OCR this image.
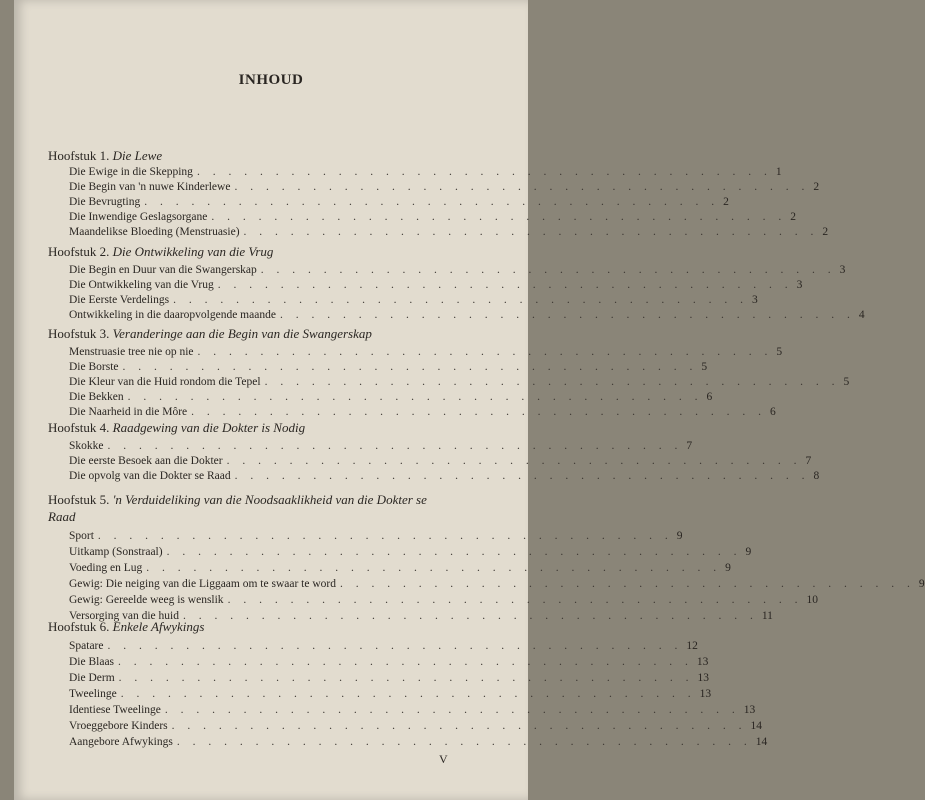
INHOUD
Hoofstuk 1. Die Lewe
Die Ewige in die Skepping . . . . . . . . . . . . . . . . . . . . . . . . . . . . . . . . . . . . . 1
Die Begin van 'n nuwe Kinderlewe . . . . . . . . . . . . . . . . . . . . . . . . . . . . . . . . . . . . . 2
Die Bevrugting . . . . . . . . . . . . . . . . . . . . . . . . . . . . . . . . . . . . . 2
Die Inwendige Geslagsorgane . . . . . . . . . . . . . . . . . . . . . . . . . . . . . . . . . . . . . 2
Maandelikse Bloeding (Menstruasie) . . . . . . . . . . . . . . . . . . . . . . . . . . . . . . . . . . . . . 2
Hoofstuk 2. Die Ontwikkeling van die Vrug
Die Begin en Duur van die Swangerskap . . . . . . . . . . . . . . . . . . . . . . . . . . . . . . . . . . . . . 3
Die Ontwikkeling van die Vrug . . . . . . . . . . . . . . . . . . . . . . . . . . . . . . . . . . . . . 3
Die Eerste Verdelings . . . . . . . . . . . . . . . . . . . . . . . . . . . . . . . . . . . . . 3
Ontwikkeling in die daaropvolgende maande . . . . . . . . . . . . . . . . . . . . . . . . . . . . . . . . . . . . . 4
Hoofstuk 3. Veranderinge aan die Begin van die Swangerskap
Menstruasie tree nie op nie . . . . . . . . . . . . . . . . . . . . . . . . . . . . . . . . . . . . . 5
Die Borste . . . . . . . . . . . . . . . . . . . . . . . . . . . . . . . . . . . . . 5
Die Kleur van die Huid rondom die Tepel . . . . . . . . . . . . . . . . . . . . . . . . . . . . . . . . . . . . . 5
Die Bekken . . . . . . . . . . . . . . . . . . . . . . . . . . . . . . . . . . . . . 6
Die Naarheid in die Môre . . . . . . . . . . . . . . . . . . . . . . . . . . . . . . . . . . . . . 6
Hoofstuk 4. Raadgewing van die Dokter is Nodig
Skokke . . . . . . . . . . . . . . . . . . . . . . . . . . . . . . . . . . . . . 7
Die eerste Besoek aan die Dokter . . . . . . . . . . . . . . . . . . . . . . . . . . . . . . . . . . . . . 7
Die opvolg van die Dokter se Raad . . . . . . . . . . . . . . . . . . . . . . . . . . . . . . . . . . . . . 8
Hoofstuk 5. 'n Verduideliking van die Noodsaaklikheid van die Dokter se Raad
Sport . . . . . . . . . . . . . . . . . . . . . . . . . . . . . . . . . . . . . 9
Uitkamp (Sonstraal) . . . . . . . . . . . . . . . . . . . . . . . . . . . . . . . . . . . . . 9
Voeding en Lug . . . . . . . . . . . . . . . . . . . . . . . . . . . . . . . . . . . . . 9
Gewig: Die neiging van die Liggaam om te swaar te word . . . . . . . . . . . . . . . . . . . . . . . . . . . . . . . . . . . . . 9
Gewig: Gereelde weeg is wenslik . . . . . . . . . . . . . . . . . . . . . . . . . . . . . . . . . . . . . 10
Versorging van die huid . . . . . . . . . . . . . . . . . . . . . . . . . . . . . . . . . . . . . 11
Hoofstuk 6. Enkele Afwykings
Spatare . . . . . . . . . . . . . . . . . . . . . . . . . . . . . . . . . . . . . 12
Die Blaas . . . . . . . . . . . . . . . . . . . . . . . . . . . . . . . . . . . . . 13
Die Derm . . . . . . . . . . . . . . . . . . . . . . . . . . . . . . . . . . . . . 13
Tweelinge . . . . . . . . . . . . . . . . . . . . . . . . . . . . . . . . . . . . . 13
Identiese Tweelinge . . . . . . . . . . . . . . . . . . . . . . . . . . . . . . . . . . . . . 13
Vroeggebore Kinders . . . . . . . . . . . . . . . . . . . . . . . . . . . . . . . . . . . . . 14
Aangebore Afwykings . . . . . . . . . . . . . . . . . . . . . . . . . . . . . . . . . . . . . 14
V
